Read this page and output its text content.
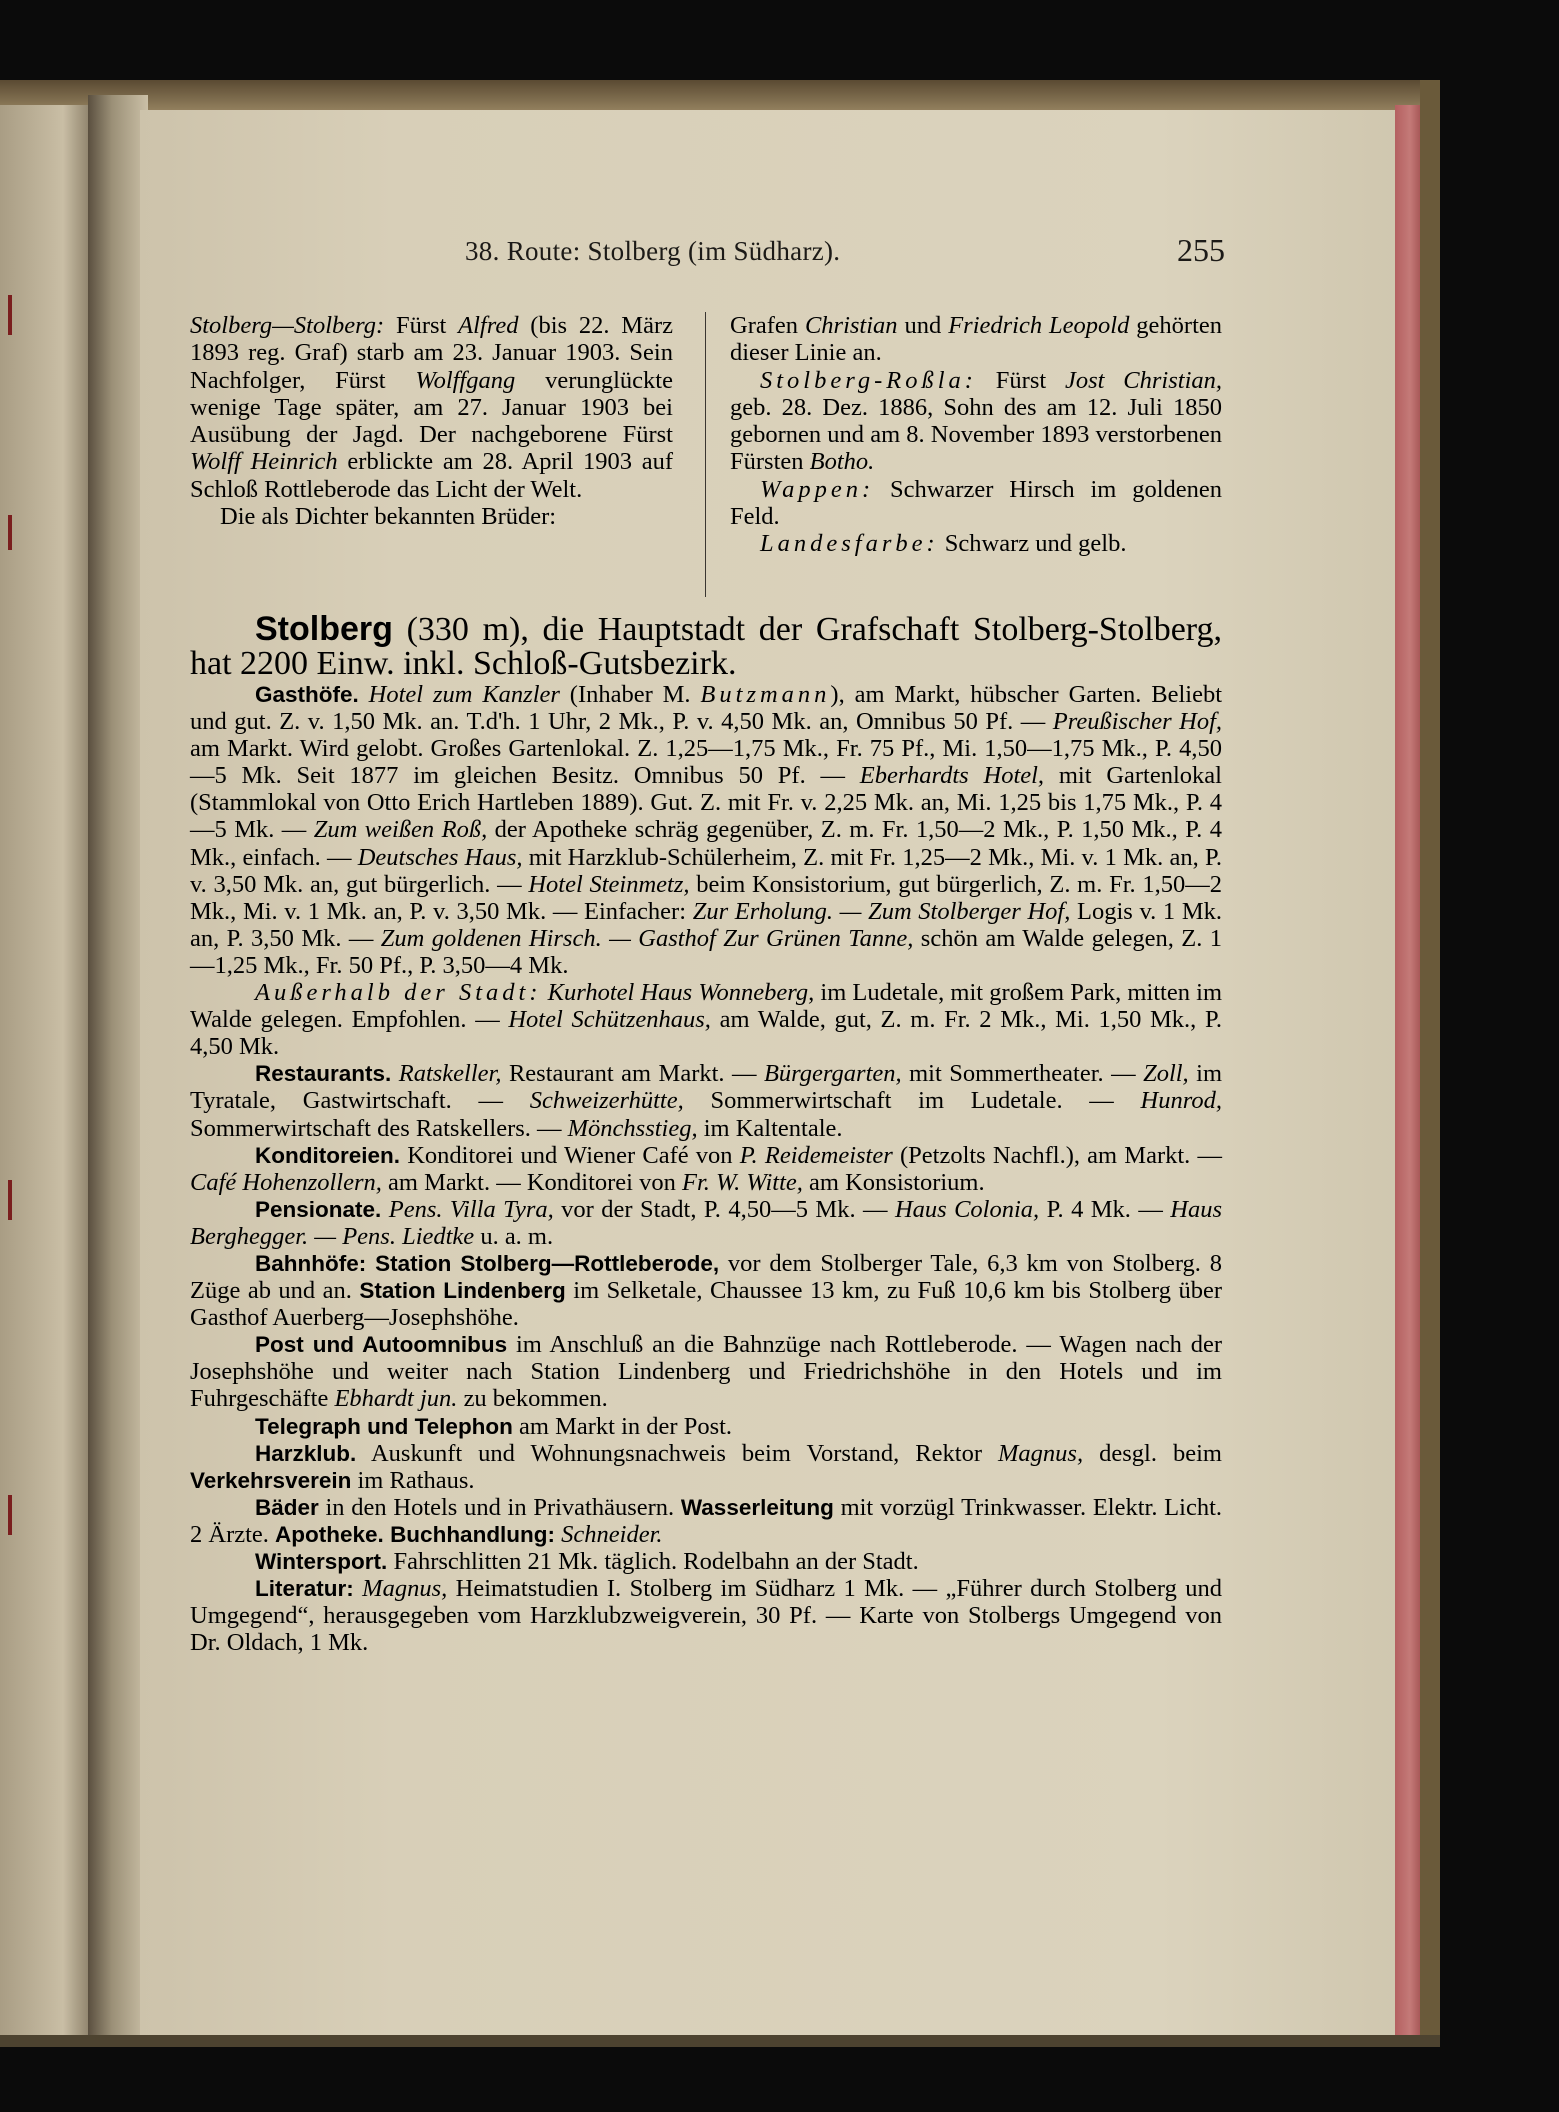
38. Route: Stolberg (im Südharz).	255

Stolberg—Stolberg: Fürst Alfred (bis 22. März 1893 reg. Graf) starb am 23. Januar 1903. Sein Nachfolger, Fürst Wolffgang verunglückte wenige Tage später, am 27. Januar 1903 bei Ausübung der Jagd. Der nachgeborene Fürst Wolff Heinrich erblickte am 28. April 1903 auf Schloß Rottleberode das Licht der Welt.

Die als Dichter bekannten Brüder:

Grafen Christian und Friedrich Leopold gehörten dieser Linie an.

Stolberg-Roßla: Fürst Jost Christian, geb. 28. Dez. 1886, Sohn des am 12. Juli 1850 gebornen und am 8. November 1893 verstorbenen Fürsten Botho.

Wappen: Schwarzer Hirsch im goldenen Feld.

Landesfarbe: Schwarz und gelb.

Stolberg (330 m), die Hauptstadt der Grafschaft Stolberg-Stolberg, hat 2200 Einw. inkl. Schloß-Gutsbezirk.

Gasthöfe. Hotel zum Kanzler (Inhaber M. Butzmann), am Markt, hübscher Garten. Beliebt und gut. Z. v. 1,50 Mk. an. T.d'h. 1 Uhr, 2 Mk., P. v. 4,50 Mk. an, Omnibus 50 Pf. — Preußischer Hof, am Markt. Wird gelobt. Großes Gartenlokal. Z. 1,25—1,75 Mk., Fr. 75 Pf., Mi. 1,50—1,75 Mk., P. 4,50—5 Mk. Seit 1877 im gleichen Besitz. Omnibus 50 Pf. — Eberhardts Hotel, mit Gartenlokal (Stammlokal von Otto Erich Hartleben 1889). Gut. Z. mit Fr. v. 2,25 Mk. an, Mi. 1,25 bis 1,75 Mk., P. 4—5 Mk. — Zum weißen Roß, der Apotheke schräg gegenüber, Z. m. Fr. 1,50—2 Mk., P. 1,50 Mk., P. 4 Mk., einfach. — Deutsches Haus, mit Harzklub-Schülerheim, Z. mit Fr. 1,25—2 Mk., Mi. v. 1 Mk. an, P. v. 3,50 Mk. an, gut bürgerlich. — Hotel Steinmetz, beim Konsistorium, gut bürgerlich, Z. m. Fr. 1,50—2 Mk., Mi. v. 1 Mk. an, P. v. 3,50 Mk. — Einfacher: Zur Erholung. — Zum Stolberger Hof, Logis v. 1 Mk. an, P. 3,50 Mk. — Zum goldenen Hirsch. — Gasthof Zur Grünen Tanne, schön am Walde gelegen, Z. 1—1,25 Mk., Fr. 50 Pf., P. 3,50—4 Mk.

Außerhalb der Stadt: Kurhotel Haus Wonneberg, im Ludetale, mit großem Park, mitten im Walde gelegen. Empfohlen. — Hotel Schützenhaus, am Walde, gut, Z. m. Fr. 2 Mk., Mi. 1,50 Mk., P. 4,50 Mk.

Restaurants. Ratskeller, Restaurant am Markt. — Bürgergarten, mit Sommertheater. — Zoll, im Tyratale, Gastwirtschaft. — Schweizerhütte, Sommerwirtschaft im Ludetale. — Hunrod, Sommerwirtschaft des Ratskellers. — Mönchsstieg, im Kaltentale.

Konditoreien. Konditorei und Wiener Café von P. Reidemeister (Petzolts Nachfl.), am Markt. — Café Hohenzollern, am Markt. — Konditorei von Fr. W. Witte, am Konsistorium.

Pensionate. Pens. Villa Tyra, vor der Stadt, P. 4,50—5 Mk. — Haus Colonia, P. 4 Mk. — Haus Berghegger. — Pens. Liedtke u. a. m.

Bahnhöfe: Station Stolberg—Rottleberode, vor dem Stolberger Tale, 6,3 km von Stolberg. 8 Züge ab und an. Station Lindenberg im Selketale, Chaussee 13 km, zu Fuß 10,6 km bis Stolberg über Gasthof Auerberg—Josephshöhe.

Post und Autoomnibus im Anschluß an die Bahnzüge nach Rottleberode. — Wagen nach der Josephshöhe und weiter nach Station Lindenberg und Friedrichshöhe in den Hotels und im Fuhrgeschäfte Ebhardt jun. zu bekommen.

Telegraph und Telephon am Markt in der Post.

Harzklub. Auskunft und Wohnungsnachweis beim Vorstand, Rektor Magnus, desgl. beim Verkehrsverein im Rathaus.

Bäder in den Hotels und in Privathäusern. Wasserleitung mit vorzügl Trinkwasser. Elektr. Licht. 2 Ärzte. Apotheke. Buchhandlung: Schneider.

Wintersport. Fahrschlitten 21 Mk. täglich. Rodelbahn an der Stadt.

Literatur: Magnus, Heimatstudien I. Stolberg im Südharz 1 Mk. — „Führer durch Stolberg und Umgegend“, herausgegeben vom Harzklubzweigverein, 30 Pf. — Karte von Stolbergs Umgegend von Dr. Oldach, 1 Mk.
